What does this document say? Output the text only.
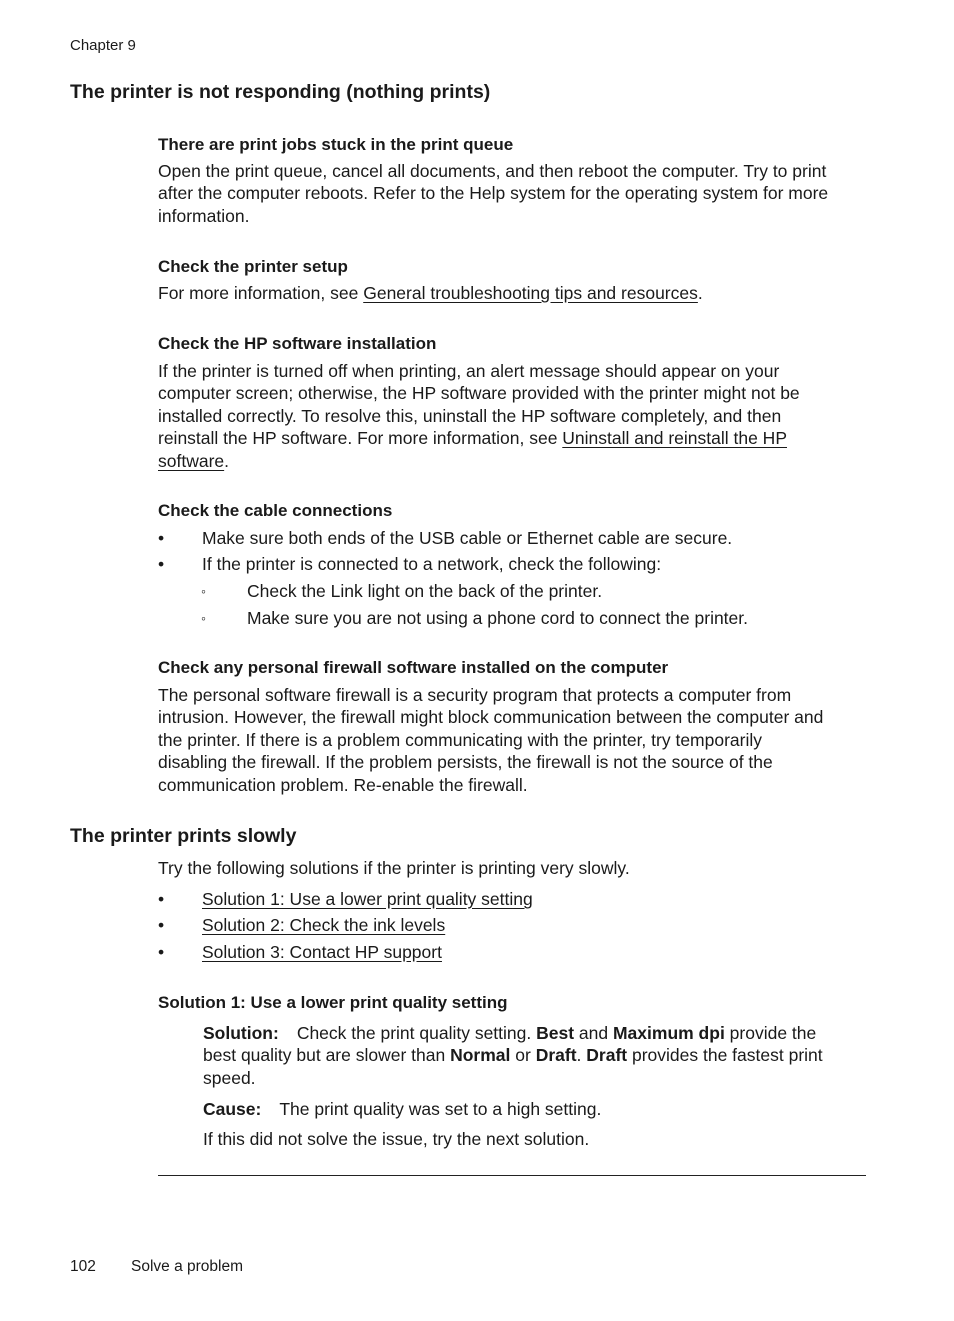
Chapter 9
The printer is not responding (nothing prints)
There are print jobs stuck in the print queue
Open the print queue, cancel all documents, and then reboot the computer. Try to print
after the computer reboots. Refer to the Help system for the operating system for more
information.
Check the printer setup
For more information, see General troubleshooting tips and resources.
Check the HP software installation
If the printer is turned off when printing, an alert message should appear on your
computer screen; otherwise, the HP software provided with the printer might not be
installed correctly. To resolve this, uninstall the HP software completely, and then
reinstall the HP software. For more information, see Uninstall and reinstall the HP
software.
Check the cable connections
• Make sure both ends of the USB cable or Ethernet cable are secure.
• If the printer is connected to a network, check the following:
◦ Check the Link light on the back of the printer.
◦ Make sure you are not using a phone cord to connect the printer.
Check any personal firewall software installed on the computer
The personal software firewall is a security program that protects a computer from
intrusion. However, the firewall might block communication between the computer and
the printer. If there is a problem communicating with the printer, try temporarily
disabling the firewall. If the problem persists, the firewall is not the source of the
communication problem. Re-enable the firewall.
The printer prints slowly
Try the following solutions if the printer is printing very slowly.
• Solution 1: Use a lower print quality setting
• Solution 2: Check the ink levels
• Solution 3: Contact HP support
Solution 1: Use a lower print quality setting
Solution: Check the print quality setting. Best and Maximum dpi provide the
best quality but are slower than Normal or Draft. Draft provides the fastest print
speed.
Cause: The print quality was set to a high setting.
If this did not solve the issue, try the next solution.
102 Solve a problem
